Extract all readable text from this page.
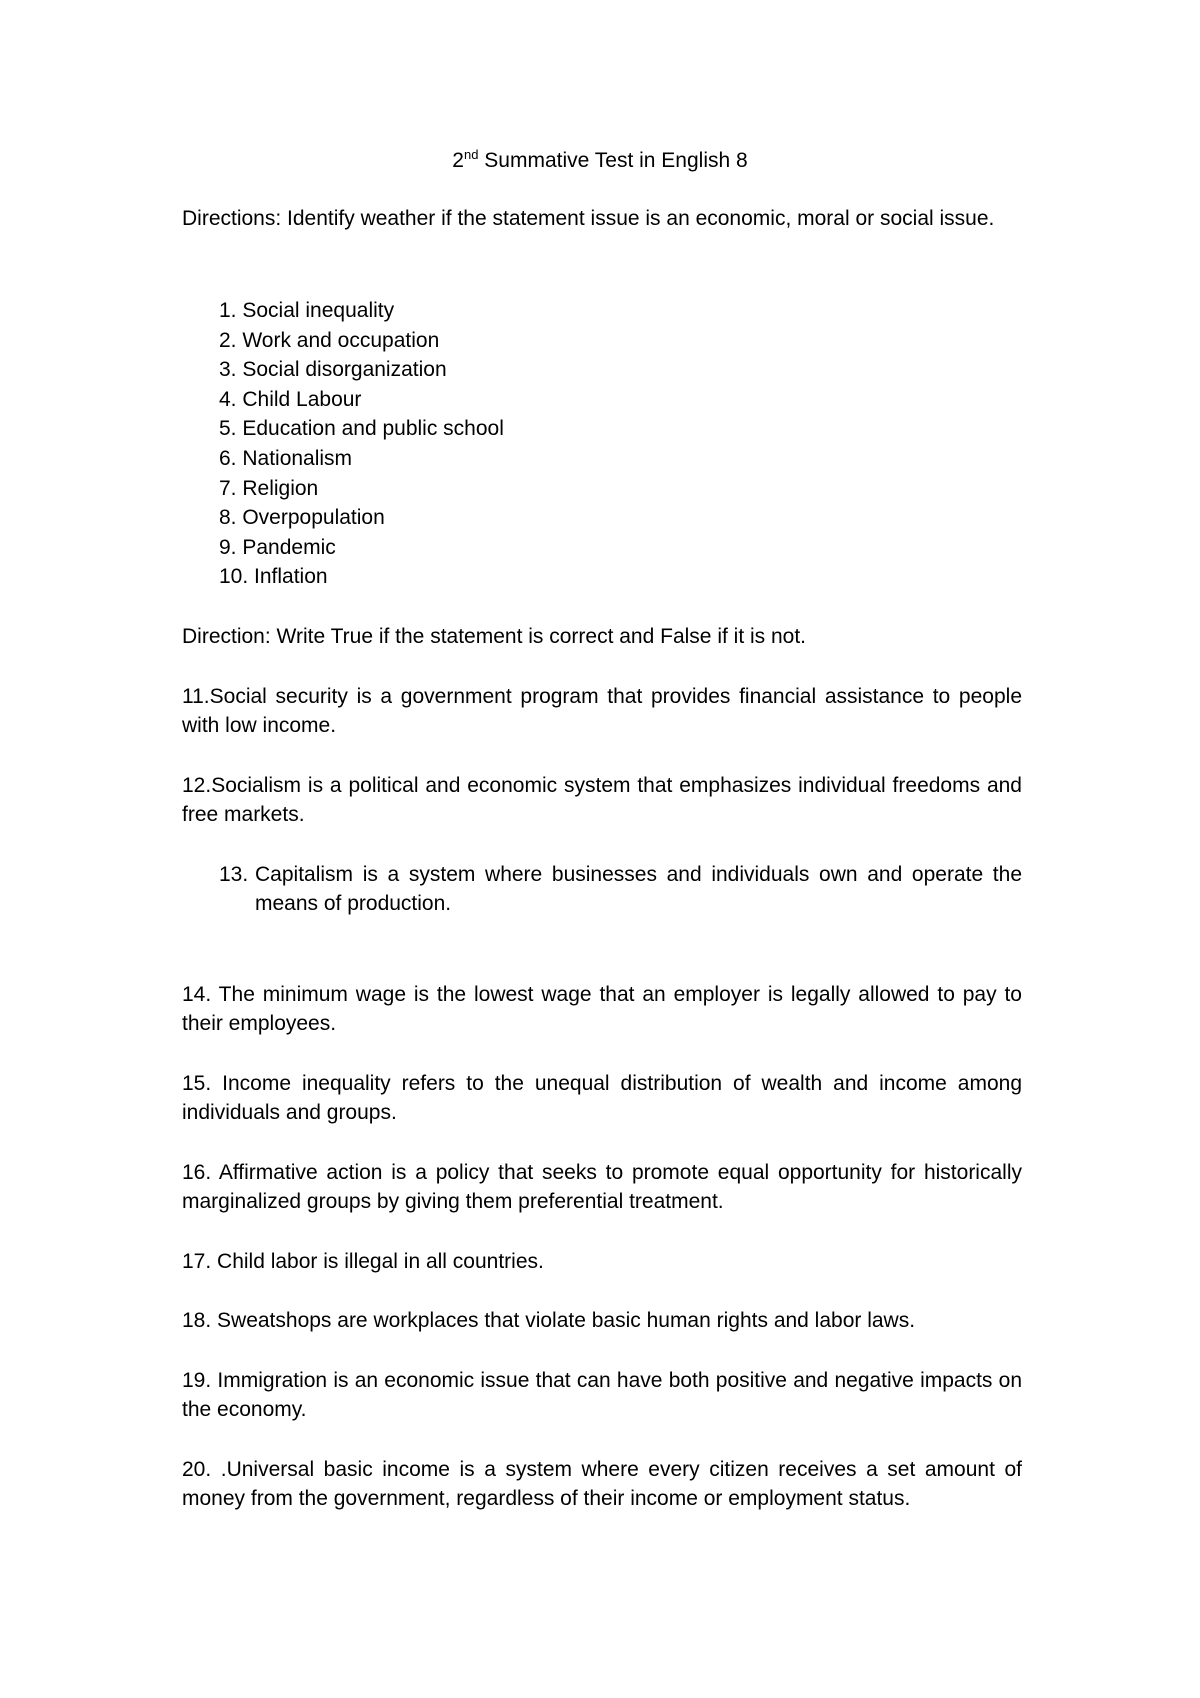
2nd Summative Test in English 8
Directions: Identify weather if the statement issue is an economic, moral or social issue.
1. Social inequality
2. Work and occupation
3. Social disorganization
4. Child Labour
5. Education and public school
6. Nationalism
7. Religion
8. Overpopulation
9. Pandemic
10. Inflation
Direction: Write True if the statement is correct and False if it is not.
11.Social security is a government program that provides financial assistance to people with low income.
12.Socialism is a political and economic system that emphasizes individual freedoms and free markets.
13. Capitalism is a system where businesses and individuals own and operate the means of production.
14. The minimum wage is the lowest wage that an employer is legally allowed to pay to their employees.
15. Income inequality refers to the unequal distribution of wealth and income among individuals and groups.
16. Affirmative action is a policy that seeks to promote equal opportunity for historically marginalized groups by giving them preferential treatment.
17. Child labor is illegal in all countries.
18. Sweatshops are workplaces that violate basic human rights and labor laws.
19. Immigration is an economic issue that can have both positive and negative impacts on the economy.
20. .Universal basic income is a system where every citizen receives a set amount of money from the government, regardless of their income or employment status.
